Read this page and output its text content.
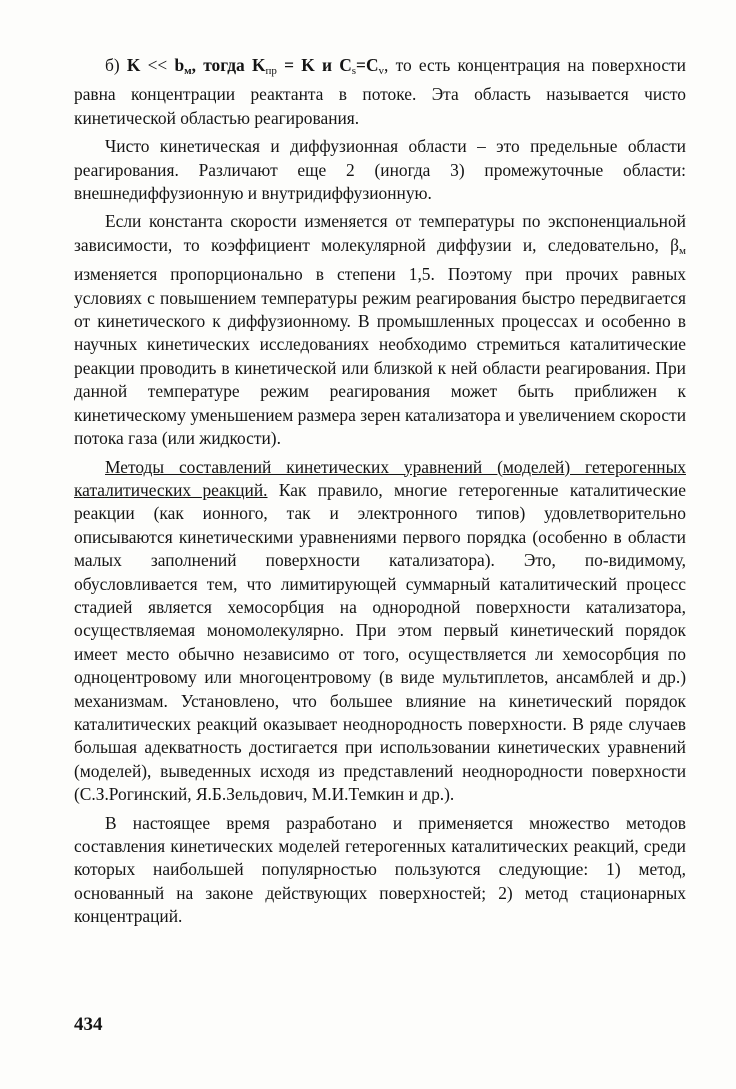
б) $K << b_м$, тогда $K_{пр} = K$ и $C_s=C_v$, то есть концентрация на поверхности равна концентрации реактанта в потоке. Эта область называется чисто кинетической областью реагирования.

Чисто кинетическая и диффузионная области – это предельные области реагирования. Различают еще 2 (иногда 3) промежуточные области: внешнедиффузионную и внутридиффузионную.

Если константа скорости изменяется от температуры по экспоненциальной зависимости, то коэффициент молекулярной диффузии и, следовательно, $\beta_м$ изменяется пропорционально в степени 1,5. Поэтому при прочих равных условиях с повышением температуры режим реагирования быстро передвигается от кинетического к диффузионному. В промышленных процессах и особенно в научных кинетических исследованиях необходимо стремиться каталитические реакции проводить в кинетической или близкой к ней области реагирования. При данной температуре режим реагирования может быть приближен к кинетическому уменьшением размера зерен катализатора и увеличением скорости потока газа (или жидкости).

Методы составлений кинетических уравнений (моделей) гетерогенных каталитических реакций. Как правило, многие гетерогенные каталитические реакции (как ионного, так и электронного типов) удовлетворительно описываются кинетическими уравнениями первого порядка (особенно в области малых заполнений поверхности катализатора). Это, по-видимому, обусловливается тем, что лимитирующей суммарный каталитический процесс стадией является хемосорбция на однородной поверхности катализатора, осуществляемая мономолекулярно. При этом первый кинетический порядок имеет место обычно независимо от того, осуществляется ли хемосорбция по одноцентровому или многоцентровому (в виде мультиплетов, ансамблей и др.) механизмам. Установлено, что большее влияние на кинетический порядок каталитических реакций оказывает неоднородность поверхности. В ряде случаев большая адекватность достигается при использовании кинетических уравнений (моделей), выведенных исходя из представлений неоднородности поверхности (С.З.Рогинский, Я.Б.Зельдович, М.И.Темкин и др.).

В настоящее время разработано и применяется множество методов составления кинетических моделей гетерогенных каталитических реакций, среди которых наибольшей популярностью пользуются следующие: 1) метод, основанный на законе действующих поверхностей; 2) метод стационарных концентраций.

434
